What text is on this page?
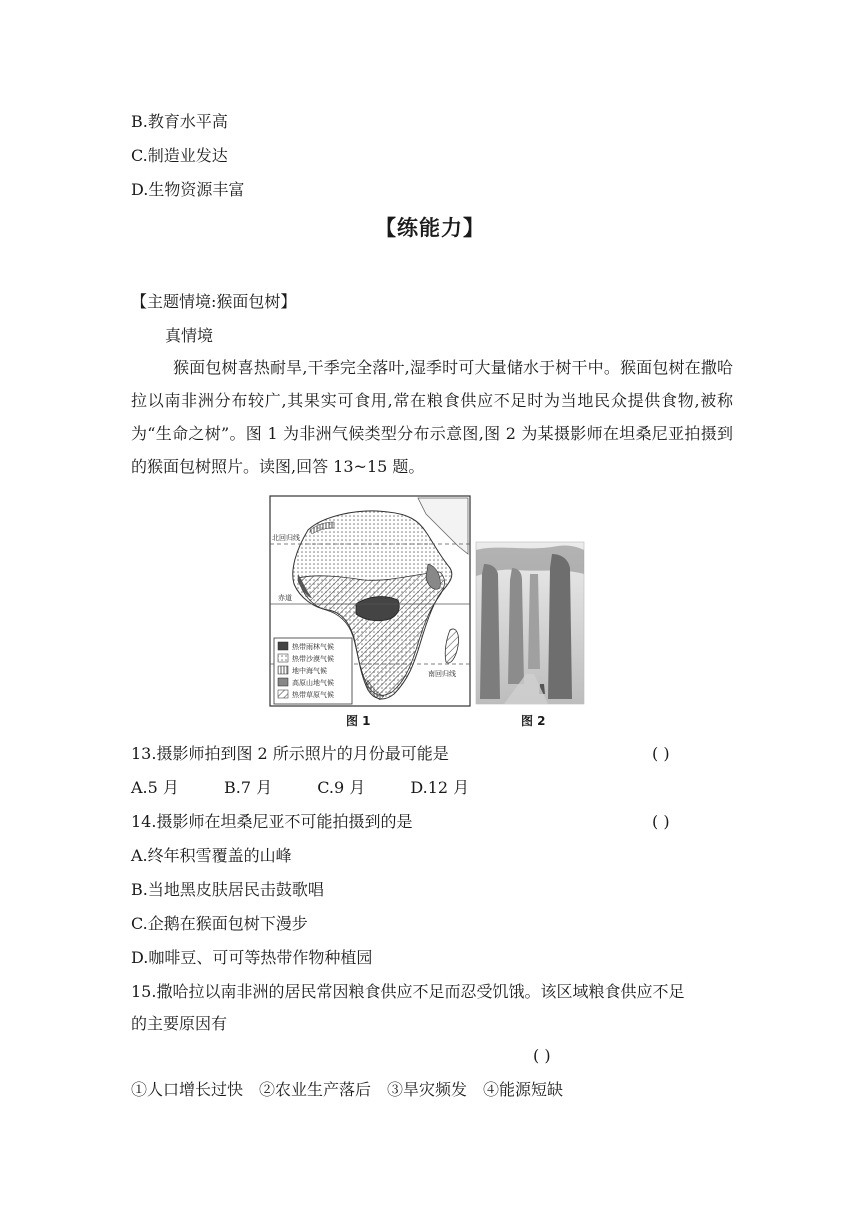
B.教育水平高
C.制造业发达
D.生物资源丰富
【练能力】
【主题情境:猴面包树】
真情境
猴面包树喜热耐旱,干季完全落叶,湿季时可大量储水于树干中。猴面包树在撒哈拉以南非洲分布较广,其果实可食用,常在粮食供应不足时为当地民众提供食物,被称为“生命之树”。图 1 为非洲气候类型分布示意图,图 2 为某摄影师在坦桑尼亚拍摄到的猴面包树照片。读图,回答 13~15 题。
北回归线
赤道
南回归线
热带雨林气候
热带沙漠气候
地中海气候
高原山地气候
热带草原气候
图 1	图 2
13.摄影师拍到图 2 所示照片的月份最可能是	( )
A.5 月	B.7 月	C.9 月	D.12 月
14.摄影师在坦桑尼亚不可能拍摄到的是	( )
A.终年积雪覆盖的山峰
B.当地黑皮肤居民击鼓歌唱
C.企鹅在猴面包树下漫步
D.咖啡豆、可可等热带作物种植园
15.撒哈拉以南非洲的居民常因粮食供应不足而忍受饥饿。该区域粮食供应不足
的主要原因有
( )
①人口增长过快　②农业生产落后　③旱灾频发　④能源短缺
